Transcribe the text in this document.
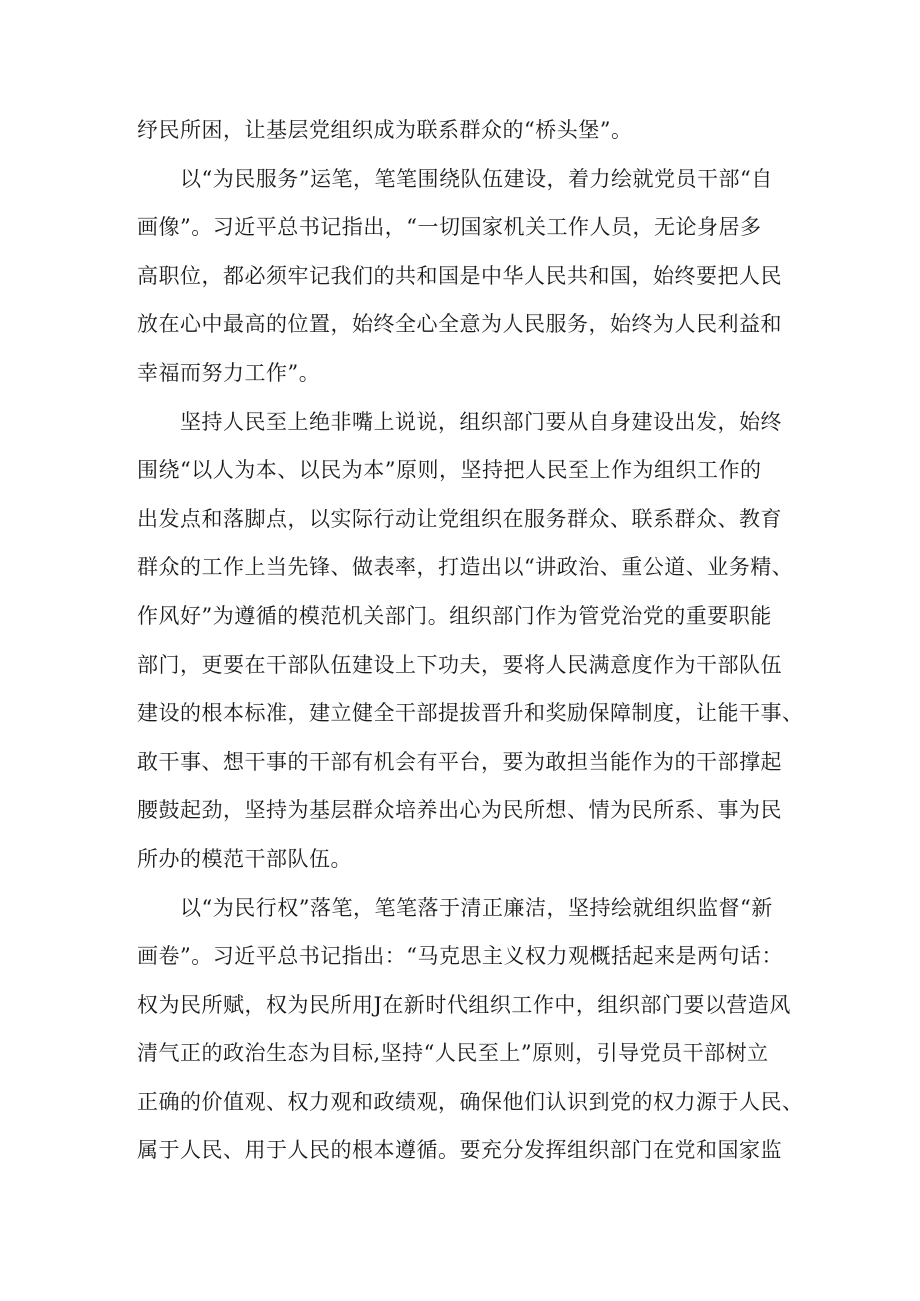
纾民所困，让基层党组织成为联系群众的“桥头堡”。
以“为民服务”运笔，笔笔围绕队伍建设，着力绘就党员干部“自
画像”。习近平总书记指出，“一切国家机关工作人员，无论身居多
高职位，都必须牢记我们的共和国是中华人民共和国，始终要把人民
放在心中最高的位置，始终全心全意为人民服务，始终为人民利益和
幸福而努力工作”。
坚持人民至上绝非嘴上说说，组织部门要从自身建设出发，始终
围绕“以人为本、以民为本”原则，坚持把人民至上作为组织工作的
出发点和落脚点，以实际行动让党组织在服务群众、联系群众、教育
群众的工作上当先锋、做表率，打造出以“讲政治、重公道、业务精、
作风好”为遵循的模范机关部门。组织部门作为管党治党的重要职能
部门，更要在干部队伍建设上下功夫，要将人民满意度作为干部队伍
建设的根本标准，建立健全干部提拔晋升和奖励保障制度，让能干事、
敢干事、想干事的干部有机会有平台，要为敢担当能作为的干部撑起
腰鼓起劲，坚持为基层群众培养出心为民所想、情为民所系、事为民
所办的模范干部队伍。
以“为民行权”落笔，笔笔落于清正廉洁，坚持绘就组织监督“新
画卷”。习近平总书记指出：“马克思主义权力观概括起来是两句话：
权为民所赋，权为民所用J在新时代组织工作中，组织部门要以营造风
清气正的政治生态为目标,坚持“人民至上”原则，引导党员干部树立
正确的价值观、权力观和政绩观，确保他们认识到党的权力源于人民、
属于人民、用于人民的根本遵循。要充分发挥组织部门在党和国家监
